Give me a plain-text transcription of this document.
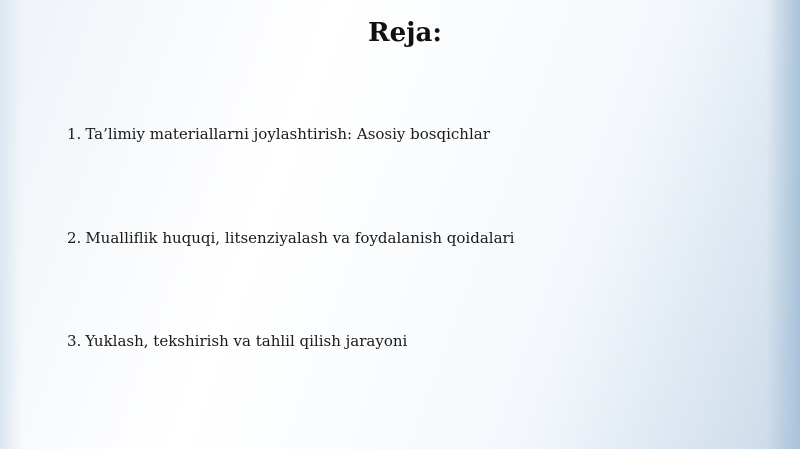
Reja:
1. Ta’limiy materiallarni joylashtirish: Asosiy bosqichlar
2. Mualliflik huquqi, litsenziyalash va foydalanish qoidalari
3. Yuklash, tekshirish va tahlil qilish jarayoni
